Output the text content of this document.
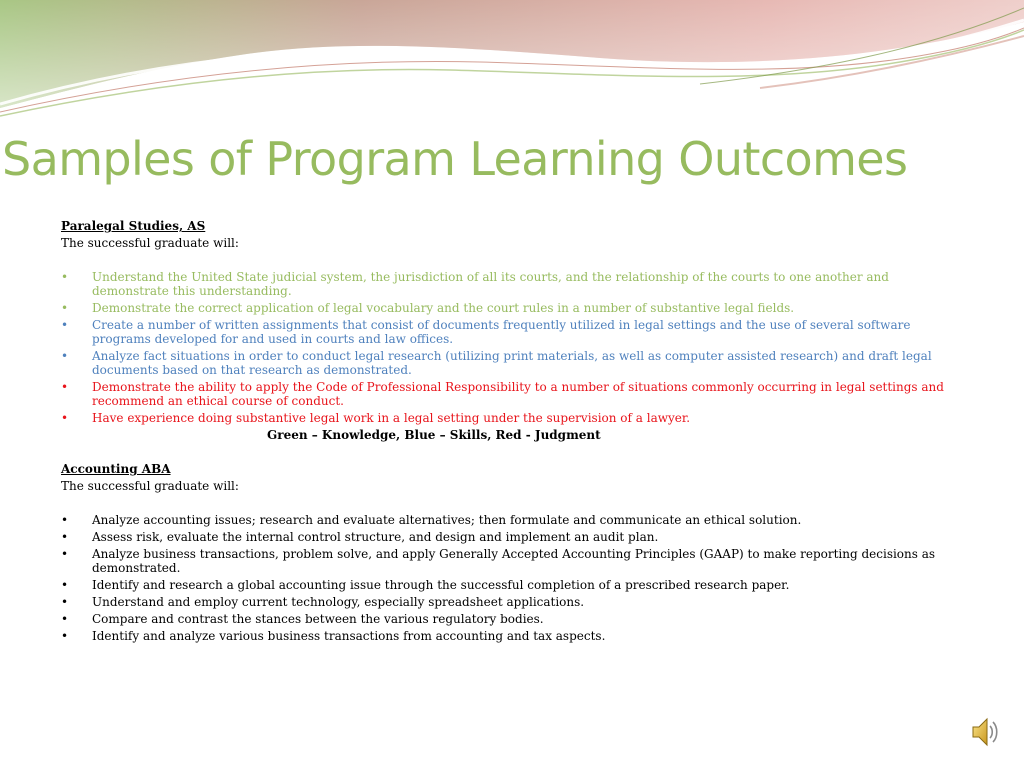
Samples of Program Learning Outcomes

Paralegal Studies, AS

The successful graduate will:

•	Understand the United State judicial system, the jurisdiction of all its courts, and the relationship of the courts to one another and demonstrate this understanding.
•	Demonstrate the correct application of legal vocabulary and the court rules in a number of substantive legal fields.
•	Create a number of written assignments that consist of documents frequently utilized in legal settings and the use of several software programs developed for and used in courts and law offices.
•	Analyze fact situations in order to conduct legal research (utilizing print materials, as well as computer assisted research) and draft legal documents based on that research as demonstrated.
•	Demonstrate the ability to apply the Code of Professional Responsibility to a number of situations commonly occurring in legal settings and recommend an ethical course of conduct.
•	Have experience doing substantive legal work in a legal setting under the supervision of a lawyer.

Green – Knowledge, Blue – Skills, Red - Judgment

Accounting ABA

The successful graduate will:

•	Analyze accounting issues; research and evaluate alternatives; then formulate and communicate an ethical solution.
•	Assess risk, evaluate the internal control structure, and design and implement an audit plan.
•	Analyze business transactions, problem solve, and apply Generally Accepted Accounting Principles (GAAP) to make reporting decisions as demonstrated.
•	Identify and research a global accounting issue through the successful completion of a prescribed research paper.
•	Understand and employ current technology, especially spreadsheet applications.
•	Compare and contrast the stances between the various regulatory bodies.
•	Identify and analyze various business transactions from accounting and tax aspects.
